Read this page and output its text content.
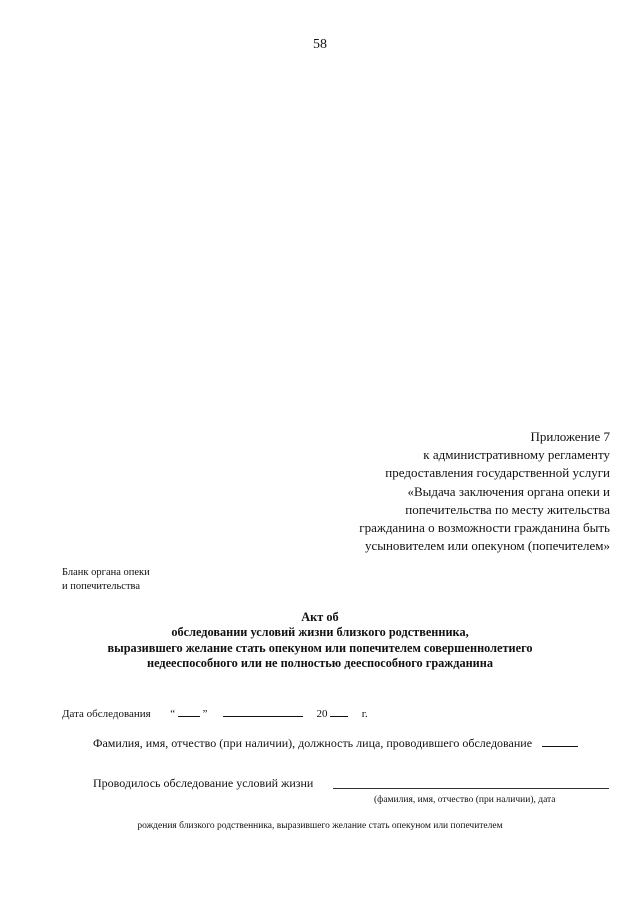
58
Приложение 7
к административному регламенту
предоставления государственной услуги
«Выдача заключения органа опеки и
попечительства по месту жительства
гражданина о возможности гражданина быть
усыновителем или опекуном (попечителем»
Бланк органа опеки
и попечительства
Акт об
обследовании условий жизни близкого родственника,
выразившего желание стать опекуном или попечителем совершеннолетиего
недееспособного или не полностью дееспособного гражданина
Дата обследования “	”	20	г.
Фамилия, имя, отчество (при наличии), должность лица, проводившего обследование
Проводилось обследование условий жизни
(фамилия, имя, отчество (при наличии), дата
рождения близкого родственника, выразившего желание стать опекуном или попечителем
